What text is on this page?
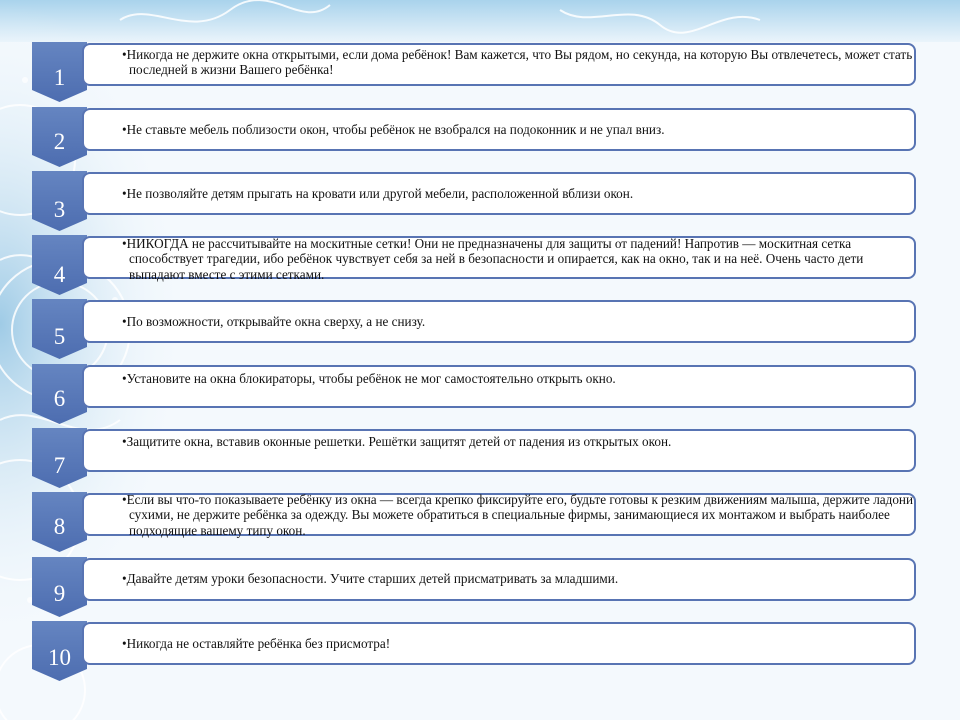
1
•Никогда не держите окна открытыми, если дома ребёнок! Вам кажется, что Вы рядом, но секунда, на которую Вы отвлечетесь, может стать последней в жизни Вашего ребёнка!
2	•Не ставьте мебель поблизости окон, чтобы ребёнок не взобрался на подоконник и не упал вниз.
3
•Не позволяйте детям прыгать на кровати или другой мебели, расположенной вблизи окон.
4
•НИКОГДА не рассчитывайте на москитные сетки! Они не предназначены для защиты от падений! Напротив — москитная сетка способствует трагедии, ибо ребёнок чувствует себя за ней в безопасности и опирается, как на окно, так и на неё. Очень часто дети выпадают вместе с этими сетками.
5
•По возможности, открывайте окна сверху, а не снизу.
6
•Установите на окна блокираторы, чтобы ребёнок не мог самостоятельно открыть окно.
7
•Защитите окна, вставив оконные решетки. Решётки защитят детей от падения из открытых окон.
8
•Если вы что-то показываете ребёнку из окна — всегда крепко фиксируйте его, будьте готовы к резким движениям малыша, держите ладони сухими, не держите ребёнка за одежду. Вы можете обратиться в специальные фирмы, занимающиеся их монтажом и выбрать наиболее подходящие вашему типу окон.
9
•Давайте детям уроки безопасности. Учите старших детей присматривать за младшими.
10
•Никогда не оставляйте ребёнка без присмотра!
